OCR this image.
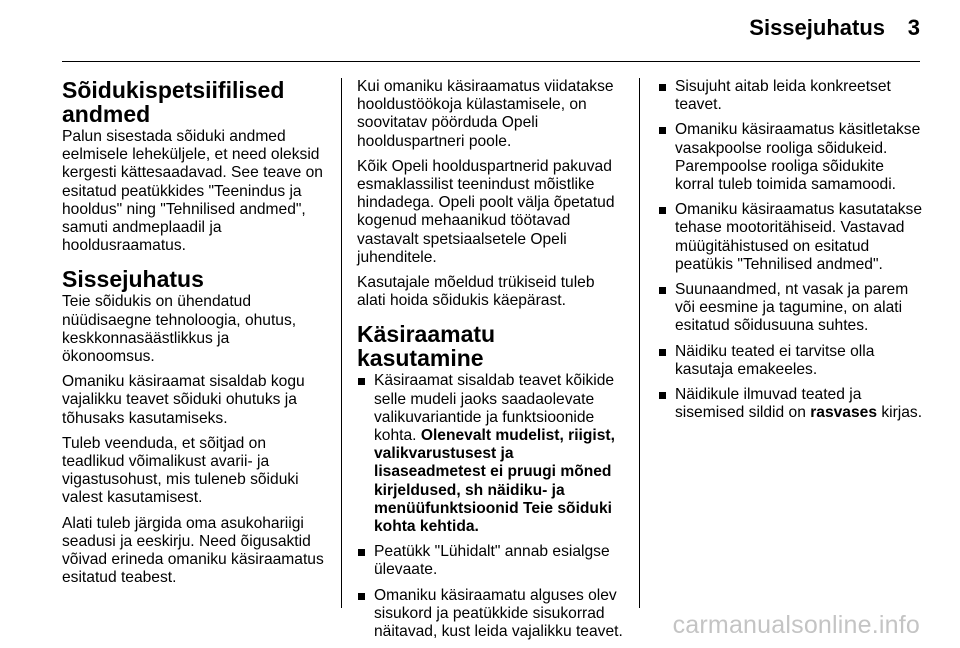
Sissejuhatus 3
Sõidukispetsiifilised andmed

Palun sisestada sõiduki andmed eelmisele leheküljele, et need oleksid kergesti kättesaadavad. See teave on esitatud peatükkides "Teenindus ja hooldus" ning "Tehnilised andmed", samuti andmeplaadil ja hooldusraamatus.

Sissejuhatus

Teie sõidukis on ühendatud nüüdisaegne tehnoloogia, ohutus, keskkonnasäästlikkus ja ökonoomsus.

Omaniku käsiraamat sisaldab kogu vajalikku teavet sõiduki ohutuks ja tõhusaks kasutamiseks.

Tuleb veenduda, et sõitjad on teadlikud võimalikust avarii- ja vigastusohust, mis tuleneb sõiduki valest kasutamisest.

Alati tuleb järgida oma asukohariigi seadusi ja eeskirju. Need õigusaktid võivad erineda omaniku käsiraamatus esitatud teabest.

Kui omaniku käsiraamatus viidatakse hooldustöökoja külastamisele, on soovitatav pöörduda Opeli hoolduspartneri poole.

Kõik Opeli hoolduspartnerid pakuvad esmaklassilist teenindust mõistlike hindadega. Opeli poolt välja õpetatud kogenud mehaanikud töötavad vastavalt spetsiaalsetele Opeli juhenditele.

Kasutajale mõeldud trükiseid tuleb alati hoida sõidukis käepärast.

Käsiraamatu kasutamine
Käsiraamat sisaldab teavet kõikide selle mudeli jaoks saadaolevate valikuvariantide ja funktsioonide kohta. Olenevalt mudelist, riigist, valikvarustusest ja lisaseadmetest ei pruugi mõned kirjeldused, sh näidiku- ja menüüfunktsioonid Teie sõiduki kohta kehtida.
Peatükk "Lühidalt" annab esialgse ülevaate.
Omaniku käsiraamatu alguses olev sisukord ja peatükkide sisukorrad näitavad, kust leida vajalikku teavet.
Sisujuht aitab leida konkreetset teavet.
Omaniku käsiraamatus käsitletakse vasakpoolse rooliga sõidukeid. Parempoolse rooliga sõidukite korral tuleb toimida samamoodi.
Omaniku käsiraamatus kasutatakse tehase mootoritähiseid. Vastavad müügitähistused on esitatud peatükis "Tehnilised andmed".
Suunaandmed, nt vasak ja parem või eesmine ja tagumine, on alati esitatud sõidusuuna suhtes.
Näidiku teated ei tarvitse olla kasutaja emakeeles.
Näidikule ilmuvad teated ja sisemised sildid on rasvases kirjas.
carmanualsonline.info
